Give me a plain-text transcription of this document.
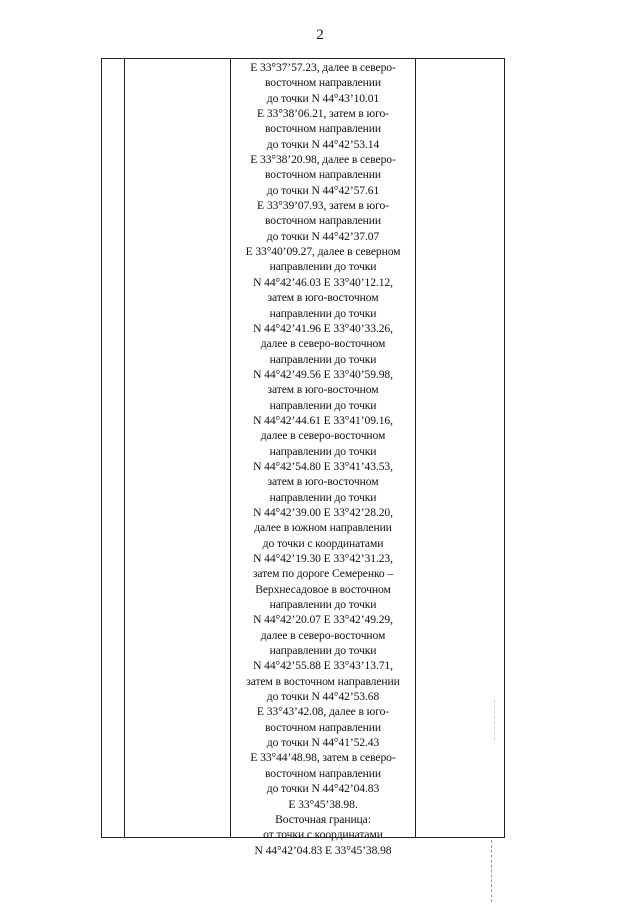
2
Е 33°37’57.23, далее в северо-
восточном направлении
до точки N 44°43’10.01
Е 33°38’06.21, затем в юго-
восточном направлении
до точки N 44°42’53.14
Е 33°38’20.98, далее в северо-
восточном направлении
до точки N 44°42’57.61
Е 33°39’07.93, затем в юго-
восточном направлении
до точки N 44°42’37.07
Е 33°40’09.27, далее в северном
направлении до точки
N 44°42’46.03 Е 33°40’12.12,
затем в юго-восточном
направлении до точки
N 44°42’41.96 Е 33°40’33.26,
далее в северо-восточном
направлении до точки
N 44°42’49.56 Е 33°40’59.98,
затем в юго-восточном
направлении до точки
N 44°42’44.61 Е 33°41’09.16,
далее в северо-восточном
направлении до точки
N 44°42’54.80 Е 33°41’43.53,
затем в юго-восточном
направлении до точки
N 44°42’39.00 Е 33°42’28.20,
далее в южном направлении
до точки с координатами
N 44°42’19.30 Е 33°42’31.23,
затем по дороге Семеренко –
Верхнесадовое в восточном
направлении до точки
N 44°42’20.07 Е 33°42’49.29,
далее в северо-восточном
направлении до точки
N 44°42’55.88 Е 33°43’13.71,
затем в восточном направлении
до точки N 44°42’53.68
Е 33°43’42.08, далее в юго-
восточном направлении
до точки N 44°41’52.43
Е 33°44’48.98, затем в северо-
восточном направлении
до точки N 44°42’04.83
Е 33°45’38.98.
Восточная граница:
от точки с координатами
N 44°42’04.83 Е 33°45’38.98
